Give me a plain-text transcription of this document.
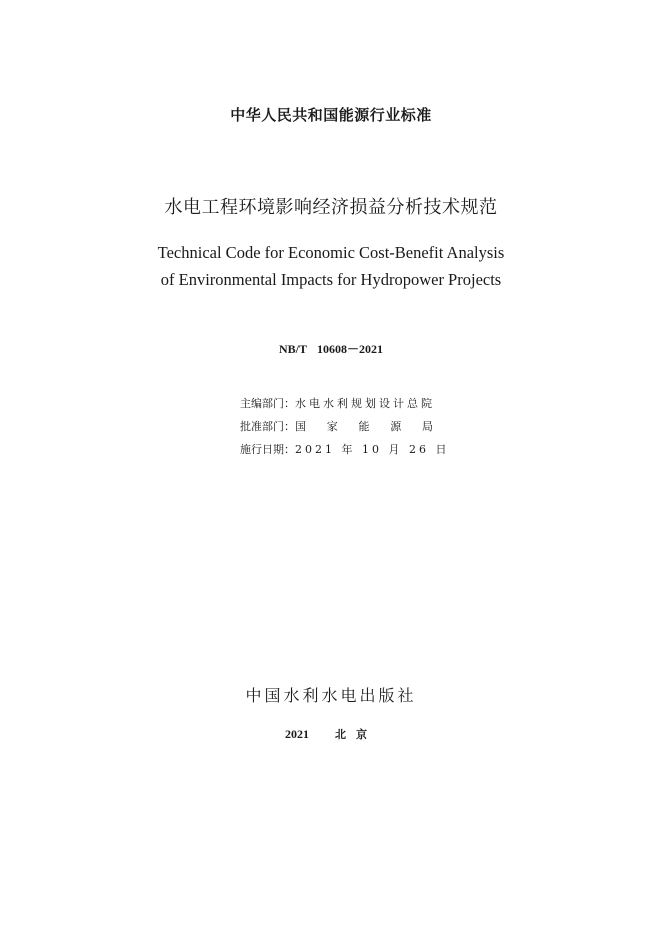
中华人民共和国能源行业标准
水电工程环境影响经济损益分析技术规范
Technical Code for Economic Cost-Benefit Analysis
of Environmental Impacts for Hydropower Projects
NB/T 10608－2021
主编部门：水电水利规划设计总院
批准部门： 国 家 能 源 局
施行日期：2021 年 10 月 26 日
中国水利水电出版社
2021 北京
